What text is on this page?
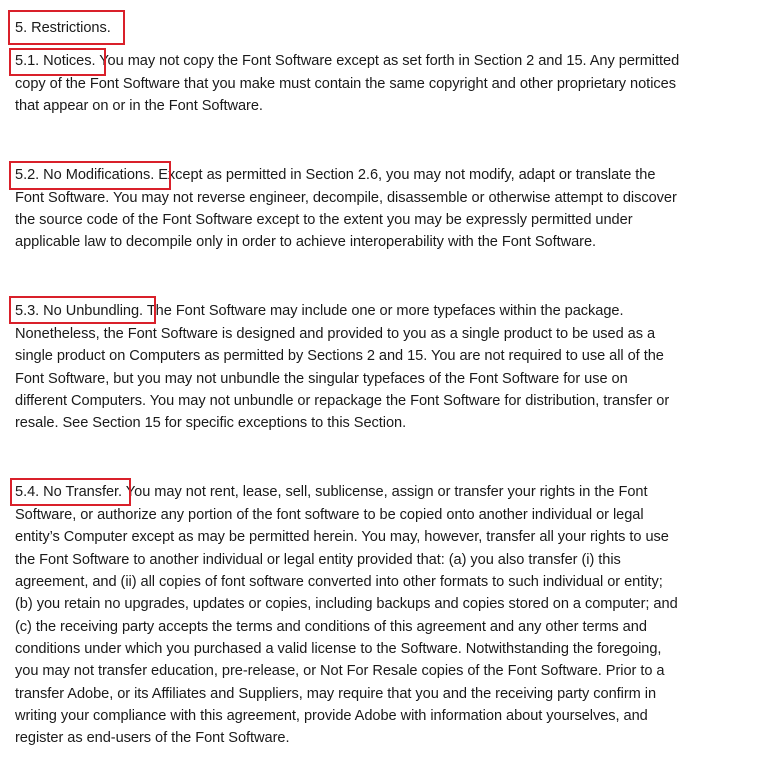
5. Restrictions.
5.1. Notices. You may not copy the Font Software except as set forth in Section 2 and 15. Any permitted
copy of the Font Software that you make must contain the same copyright and other proprietary notices
that appear on or in the Font Software.
5.2. No Modifications. Except as permitted in Section 2.6, you may not modify, adapt or translate the
Font Software. You may not reverse engineer, decompile, disassemble or otherwise attempt to discover
the source code of the Font Software except to the extent you may be expressly permitted under
applicable law to decompile only in order to achieve interoperability with the Font Software.
5.3. No Unbundling. The Font Software may include one or more typefaces within the package.
Nonetheless, the Font Software is designed and provided to you as a single product to be used as a
single product on Computers as permitted by Sections 2 and 15. You are not required to use all of the
Font Software, but you may not unbundle the singular typefaces of the Font Software for use on
different Computers. You may not unbundle or repackage the Font Software for distribution, transfer or
resale. See Section 15 for specific exceptions to this Section.
5.4. No Transfer. You may not rent, lease, sell, sublicense, assign or transfer your rights in the Font
Software, or authorize any portion of the font software to be copied onto another individual or legal
entity’s Computer except as may be permitted herein. You may, however, transfer all your rights to use
the Font Software to another individual or legal entity provided that: (a) you also transfer (i) this
agreement, and (ii) all copies of font software converted into other formats to such individual or entity;
(b) you retain no upgrades, updates or copies, including backups and copies stored on a computer; and
(c) the receiving party accepts the terms and conditions of this agreement and any other terms and
conditions under which you purchased a valid license to the Software. Notwithstanding the foregoing,
you may not transfer education, pre-release, or Not For Resale copies of the Font Software. Prior to a
transfer Adobe, or its Affiliates and Suppliers, may require that you and the receiving party confirm in
writing your compliance with this agreement, provide Adobe with information about yourselves, and
register as end-users of the Font Software.
